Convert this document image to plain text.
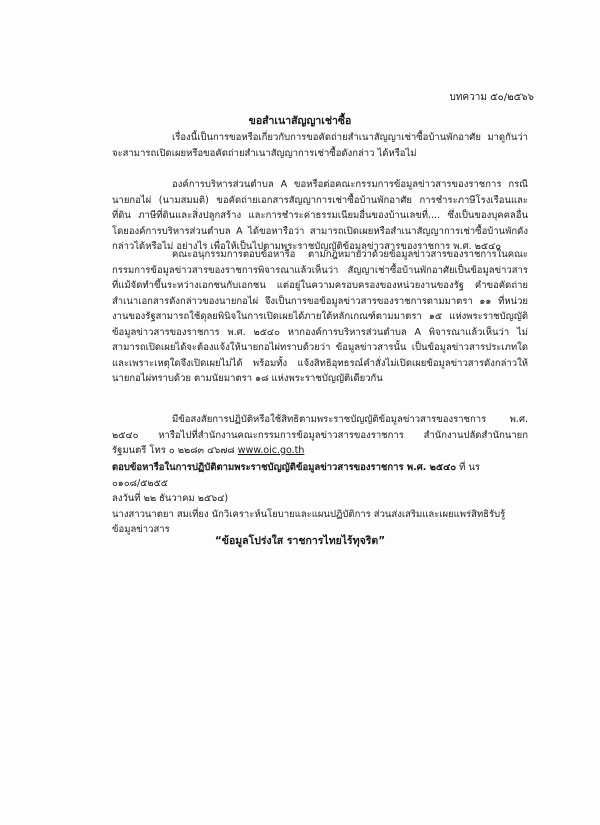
บทความ ๕๐/๒๕๖๖
ขอสำเนาสัญญาเช่าซื้อ

เรื่องนี้เป็นการขอหรือเกี่ยวกับการขอคัดถ่ายสำเนาสัญญาเช่าซื้อบ้านพักอาศัย มาดูกันว่าจะสามารถเปิดเผยหรือขอคัดถ่ายสำเนาสัญญาการเช่าซื้อดังกล่าว ได้หรือไม่

องค์การบริหารส่วนตำบล A ขอหรือต่อคณะกรรมการข้อมูลข่าวสารของราชการ กรณีนายกอไผ่ (นามสมมติ) ขอคัดถ่ายเอกสารสัญญาการเช่าซื้อบ้านพักอาศัย การชำระภาษีโรงเรือนและที่ดิน ภาษีที่ดินและสิ่งปลูกสร้าง และการชำระค่าธรรมเนียมอื่นของบ้านเลขที่.... ซึ่งเป็นของบุคคลอื่น โดยองค์การบริหารส่วนตำบล A ได้ขอหารือว่า สามารถเปิดเผยหรือสำเนาสัญญาการเช่าซื้อบ้านพักดังกล่าวได้หรือไม่ อย่างไร เพื่อให้เป็นไปตามพระราชบัญญัติข้อมูลข่าวสารของราชการ พ.ศ. ๒๕๔๐

คณะอนุกรรมการตอบข้อหารือ ตามกฎหมายว่าด้วยข้อมูลข่าวสารของราชการในคณะกรรมการข้อมูลข่าวสารของราชการพิจารณาแล้วเห็นว่า สัญญาเช่าซื้อบ้านพักอาศัยเป็นข้อมูลข่าวสารที่แม้จัดทำขึ้นระหว่างเอกชนกับเอกชน แต่อยู่ในความครอบครองของหน่วยงานของรัฐ คำขอคัดถ่ายสำเนาเอกสารดังกล่าวของนายกอไผ่ จึงเป็นการขอข้อมูลข่าวสารของราชการตามมาตรา ๑๑ ที่หน่วยงานของรัฐสามารถใช้ดุลยพินิจในการเปิดเผยได้ภายใต้หลักเกณฑ์ตามมาตรา ๑๕ แห่งพระราชบัญญัติข้อมูลข่าวสารของราชการ พ.ศ. ๒๕๔๐ หากองค์การบริหารส่วนตำบล A พิจารณาแล้วเห็นว่า ไม่สามารถเปิดเผยได้จะต้องแจ้งให้นายกอไผ่ทราบด้วยว่า ข้อมูลข่าวสารนั้น เป็นข้อมูลข่าวสารประเภทใด และเพราะเหตุใดจึงเปิดเผยไม่ได้ พร้อมทั้ง แจ้งสิทธิอุทธรณ์คำสั่งไม่เปิดเผยข้อมูลข่าวสารดังกล่าวให้นายกอไผ่ทราบด้วย ตามนัยมาตรา ๑๘ แห่งพระราชบัญญัติเดียวกัน

มีข้อสงสัยการปฏิบัติหรือใช้สิทธิตามพระราชบัญญัติข้อมูลข่าวสารของราชการ พ.ศ. ๒๕๔๐ หารือไปที่สำนักงานคณะกรรมการข้อมูลข่าวสารของราชการ สำนักงานปลัดสำนักนายกรัฐมนตรี โทร ๐ ๒๒๘๓ ๔๖๗๘ www.oic.go.th

ตอบข้อหารือในการปฏิบัติตามพระราชบัญญัติข้อมูลข่าวสารของราชการ พ.ศ. ๒๕๔๐ ที่ นร ๐๑๐๘/๕๒๕๕
ลงวันที่ ๒๒ ธันวาคม ๒๕๖๔)
นางสาวนาตยา สมเที่ยง นักวิเคราะห์นโยบายและแผนปฏิบัติการ ส่วนส่งเสริมและเผยแพร่สิทธิรับรู้ข้อมูลข่าวสาร
“ข้อมูลโปร่งใส ราชการไทยไร้ทุจริต”
